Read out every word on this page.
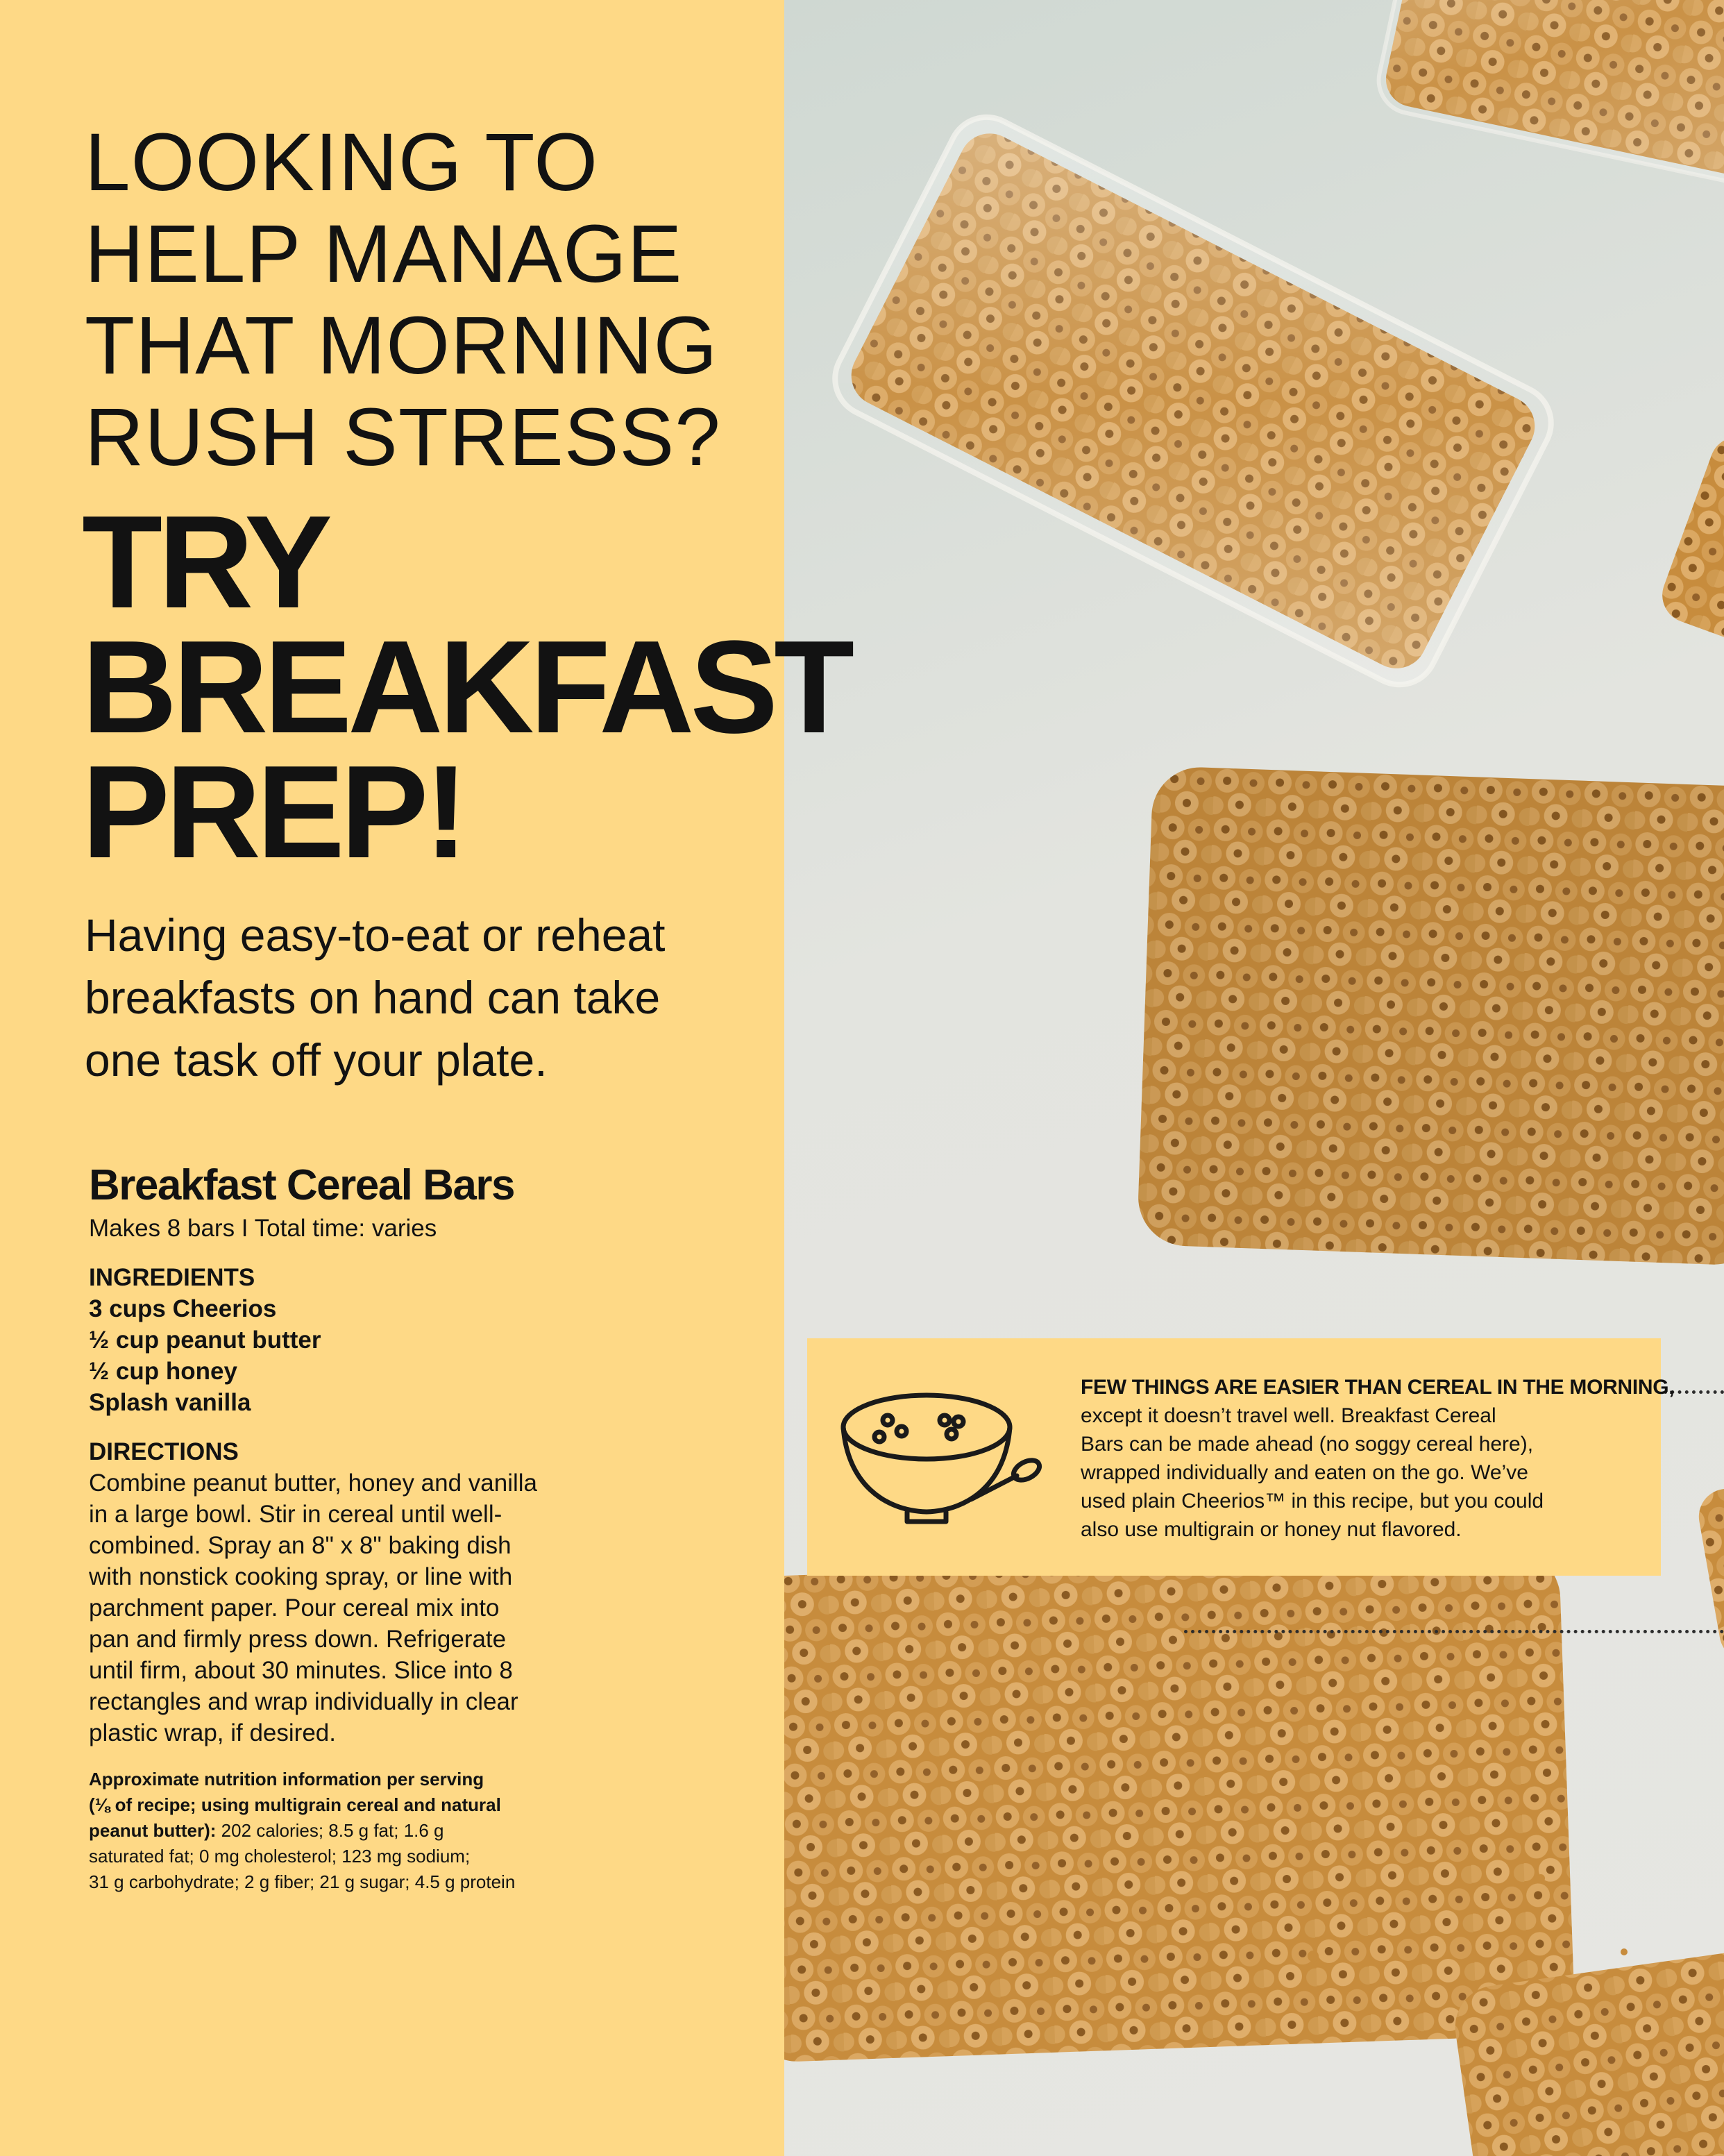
LOOKING TO
HELP MANAGE
THAT MORNING
RUSH STRESS?
TRY
BREAKFAST
PREP!

Having easy-to-eat or reheat
breakfasts on hand can take
one task off your plate.

Breakfast Cereal Bars

Makes 8 bars I Total time: varies

INGREDIENTS

3 cups Cheerios
½ cup peanut butter
½ cup honey
Splash vanilla

DIRECTIONS

Combine peanut butter, honey and vanilla
in a large bowl. Stir in cereal until well-
combined. Spray an 8" x 8" baking dish
with nonstick cooking spray, or line with
parchment paper. Pour cereal mix into
pan and firmly press down. Refrigerate
until firm, about 30 minutes. Slice into 8
rectangles and wrap individually in clear
plastic wrap, if desired.

Approximate nutrition information per serving
(⅛ of recipe; using multigrain cereal and natural
peanut butter): 202 calories; 8.5 g fat; 1.6 g
saturated fat; 0 mg cholesterol; 123 mg sodium;
31 g carbohydrate; 2 g fiber; 21 g sugar; 4.5 g protein

FEW THINGS ARE EASIER THAN CEREAL IN THE MORNING,
except it doesn’t travel well. Breakfast Cereal
Bars can be made ahead (no soggy cereal here),
wrapped individually and eaten on the go. We’ve
used plain Cheerios™ in this recipe, but you could
also use multigrain or honey nut flavored.
